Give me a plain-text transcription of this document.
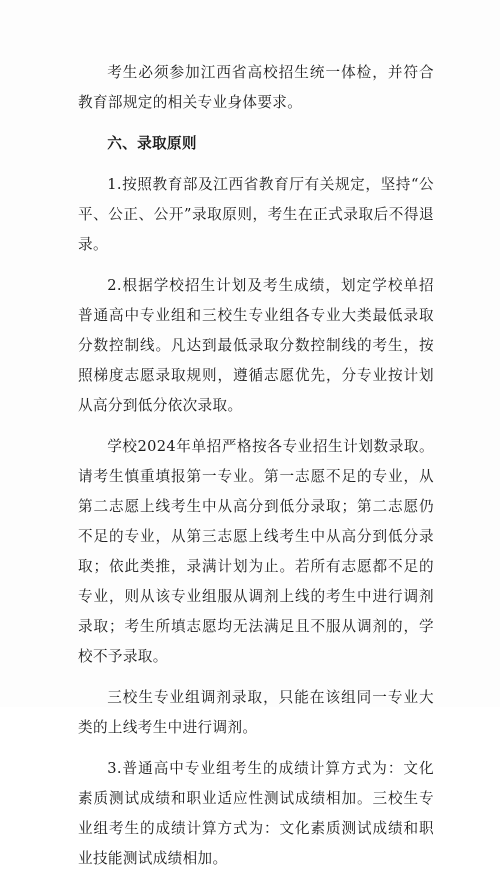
考生必须参加江西省高校招生统一体检，并符合教育部规定的相关专业身体要求。

六、录取原则

1.按照教育部及江西省教育厅有关规定，坚持“公平、公正、公开”录取原则，考生在正式录取后不得退录。

2.根据学校招生计划及考生成绩，划定学校单招普通高中专业组和三校生专业组各专业大类最低录取分数控制线。凡达到最低录取分数控制线的考生，按照梯度志愿录取规则，遵循志愿优先，分专业按计划从高分到低分依次录取。

学校2024年单招严格按各专业招生计划数录取。请考生慎重填报第一专业。第一志愿不足的专业，从第二志愿上线考生中从高分到低分录取；第二志愿仍不足的专业，从第三志愿上线考生中从高分到低分录取；依此类推，录满计划为止。若所有志愿都不足的专业，则从该专业组服从调剂上线的考生中进行调剂录取；考生所填志愿均无法满足且不服从调剂的，学校不予录取。

三校生专业组调剂录取，只能在该组同一专业大类的上线考生中进行调剂。

3.普通高中专业组考生的成绩计算方式为：文化素质测试成绩和职业适应性测试成绩相加。三校生专业组考生的成绩计算方式为：文化素质测试成绩和职业技能测试成绩相加。
